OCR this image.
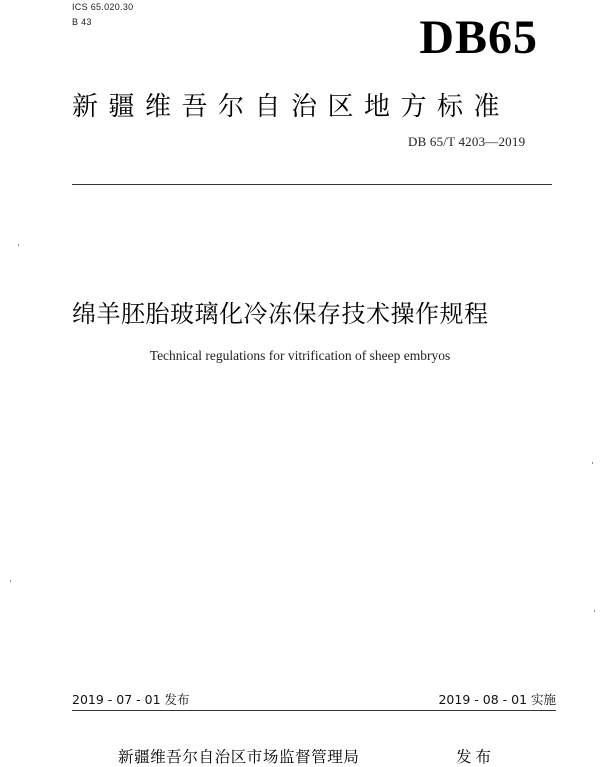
ICS 65.020.30
B 43	DB65
新疆维吾尔自治区地方标准
DB 65/T 4203—2019
绵羊胚胎玻璃化冷冻保存技术操作规程
Technical regulations for vitrification of sheep embryos
2019 - 07 - 01 发布	2019 - 08 - 01 实施
新疆维吾尔自治区市场监督管理局	发布
